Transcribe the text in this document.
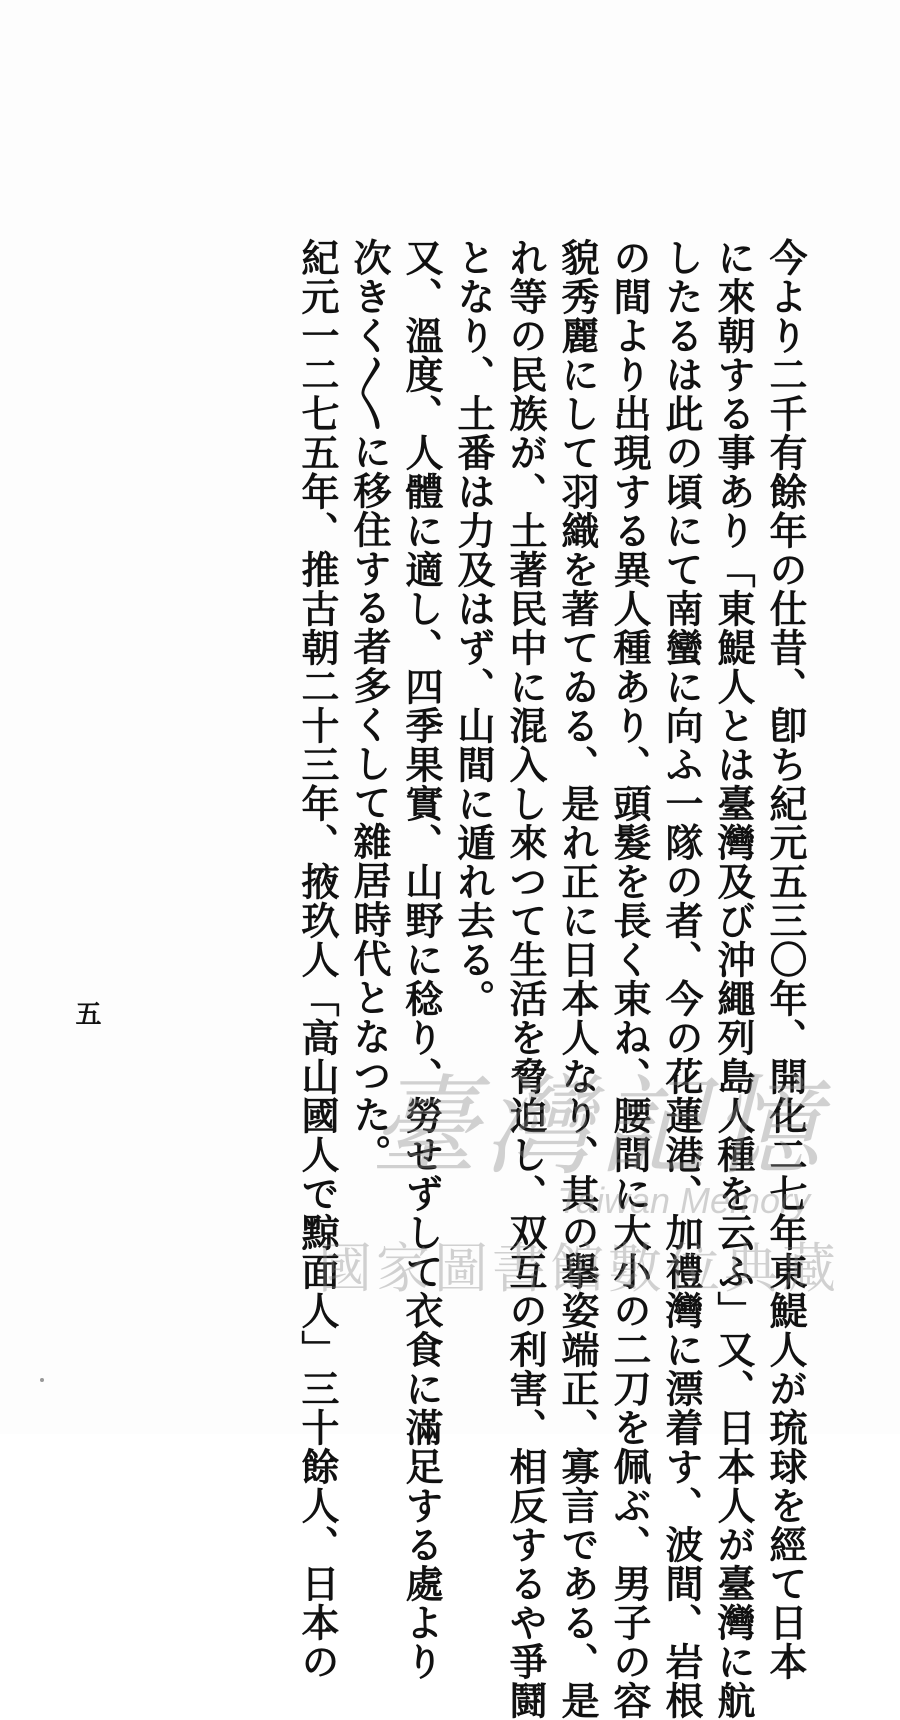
今より二千有餘年の仕昔、卽ち紀元五三〇年、開化二七年東鯷人が琉球を經て日本
に來朝する事あり「東鯷人とは臺灣及び沖繩列島人種を云ふ」又、日本人が臺灣に航
したるは此の頃にて南蠻に向ふ一隊の者、今の花蓮港、加禮灣に漂着す、波間、岩根
の間より出現する異人種あり、頭髮を長く束ね、腰間に大小の二刀を佩ぶ、男子の容
貌秀麗にして羽織を著てゐる、是れ正に日本人なり、其の擧姿端正、寡言である、是
れ等の民族が、土著民中に混入し來つて生活を脅迫し、双互の利害、相反するや爭鬪
となり、土番は力及はず、山間に遁れ去る。
又、溫度、人體に適し、四季果實、山野に稔り、勞せずして衣食に滿足する處より
次きく〳〵に移住する者多くして雜居時代となつた。
紀元一二七五年、推古朝二十三年、掖玖人「高山國人で黥面人」三十餘人、日本の
五
臺灣記憶
Taiwan Memory
國家圖書館數位典藏
